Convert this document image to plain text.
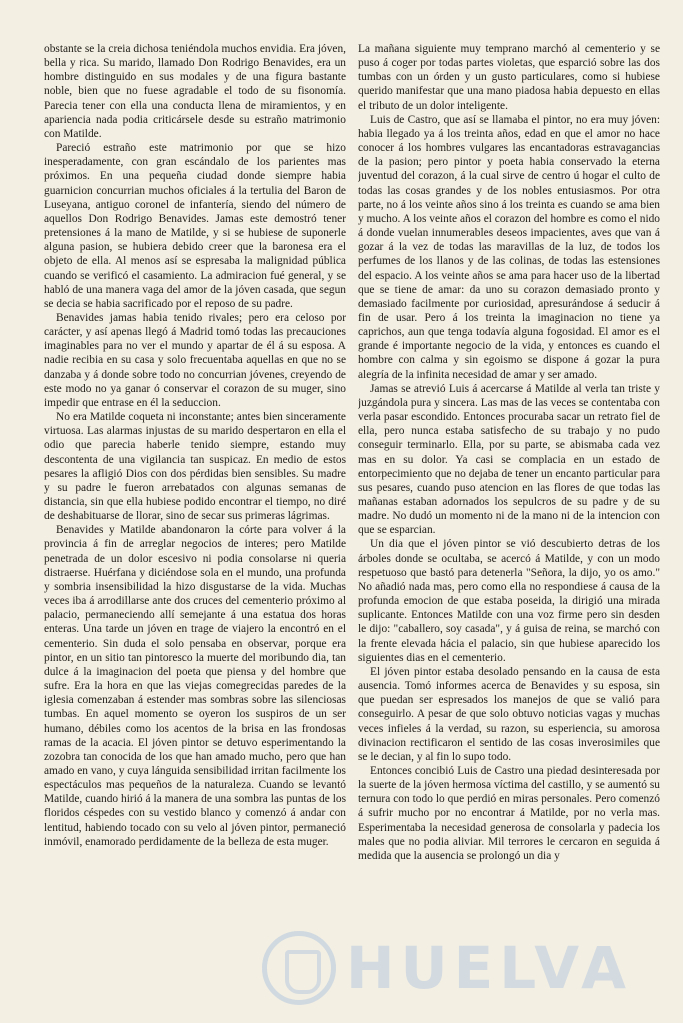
obstante se la creia dichosa teniéndola muchos envidia. Era jóven, bella y rica. Su marido, llamado Don Rodrigo Benavides, era un hombre distinguido en sus modales y de una figura bastante noble, bien que no fuese agradable el todo de su fisonomía. Parecia tener con ella una conducta llena de miramientos, y en apariencia nada podia criticársele desde su estraño matrimonio con Matilde.

Pareció estraño este matrimonio por que se hizo inesperadamente, con gran escándalo de los parientes mas próximos. En una pequeña ciudad donde siempre habia guarnicion concurrian muchos oficiales á la tertulia del Baron de Luseyana, antiguo coronel de infantería, siendo del número de aquellos Don Rodrigo Benavides. Jamas este demostró tener pretensiones á la mano de Matilde, y si se hubiese de suponerle alguna pasion, se hubiera debido creer que la baronesa era el objeto de ella. Al menos así se espresaba la malignidad pública cuando se verificó el casamiento. La admiracion fué general, y se habló de una manera vaga del amor de la jóven casada, que segun se decia se habia sacrificado por el reposo de su padre.

Benavides jamas habia tenido rivales; pero era celoso por carácter, y así apenas llegó á Madrid tomó todas las precauciones imaginables para no ver el mundo y apartar de él á su esposa. A nadie recibia en su casa y solo frecuentaba aquellas en que no se danzaba y á donde sobre todo no concurrian jóvenes, creyendo de este modo no ya ganar ó conservar el corazon de su muger, sino impedir que entrase en él la seduccion.

No era Matilde coqueta ni inconstante; antes bien sinceramente virtuosa. Las alarmas injustas de su marido despertaron en ella el odio que parecia haberle tenido siempre, estando muy descontenta de una vigilancia tan suspicaz. En medio de estos pesares la afligió Dios con dos pérdidas bien sensibles. Su madre y su padre le fueron arrebatados con algunas semanas de distancia, sin que ella hubiese podido encontrar el tiempo, no diré de deshabituarse de llorar, sino de secar sus primeras lágrimas.

Benavides y Matilde abandonaron la córte para volver á la provincia á fin de arreglar negocios de interes; pero Matilde penetrada de un dolor escesivo ni podia consolarse ni queria distraerse. Huérfana y diciéndose sola en el mundo, una profunda y sombria insensibilidad la hizo disgustarse de la vida. Muchas veces iba á arrodillarse ante dos cruces del cementerio próximo al palacio, permaneciendo allí semejante á una estatua dos horas enteras. Una tarde un jóven en trage de viajero la encontró en el cementerio. Sin duda el solo pensaba en observar, porque era pintor, en un sitio tan pintoresco la muerte del moribundo dia, tan dulce á la imaginacion del poeta que piensa y del hombre que sufre. Era la hora en que las viejas comegrecidas paredes de la iglesia comenzaban á estender mas sombras sobre las silenciosas tumbas. En aquel momento se oyeron los suspiros de un ser humano, débiles como los acentos de la brisa en las frondosas ramas de la acacia. El jóven pintor se detuvo esperimentando la zozobra tan conocida de los que han amado mucho, pero que han amado en vano, y cuya lánguida sensibilidad irritan facilmente los espectáculos mas pequeños de la naturaleza. Cuando se levantó Matilde, cuando hirió á la manera de una sombra las puntas de los floridos céspedes con su vestido blanco y comenzó á andar con lentitud, habiendo tocado con su velo al jóven pintor, permaneció inmóvil, enamorado perdidamente de la belleza de esta muger.

La mañana siguiente muy temprano marchó al cementerio y se puso á coger por todas partes violetas, que esparció sobre las dos tumbas con un órden y un gusto particulares, como si hubiese querido manifestar que una mano piadosa habia depuesto en ellas el tributo de un dolor inteligente.

Luis de Castro, que así se llamaba el pintor, no era muy jóven: habia llegado ya á los treinta años, edad en que el amor no hace conocer á los hombres vulgares las encantadoras estravagancias de la pasion; pero pintor y poeta habia conservado la eterna juventud del corazon, á la cual sirve de centro ú hogar el culto de todas las cosas grandes y de los nobles entusiasmos. Por otra parte, no á los veinte años sino á los treinta es cuando se ama bien y mucho. A los veinte años el corazon del hombre es como el nido á donde vuelan innumerables deseos impacientes, aves que van á gozar á la vez de todas las maravillas de la luz, de todos los perfumes de los llanos y de las colinas, de todas las estensiones del espacio. A los veinte años se ama para hacer uso de la libertad que se tiene de amar: da uno su corazon demasiado pronto y demasiado facilmente por curiosidad, apresurándose á seducir á fin de usar. Pero á los treinta la imaginacion no tiene ya caprichos, aun que tenga todavía alguna fogosidad. El amor es el grande é importante negocio de la vida, y entonces es cuando el hombre con calma y sin egoismo se dispone á gozar la pura alegría de la infinita necesidad de amar y ser amado.

Jamas se atrevió Luis á acercarse á Matilde al verla tan triste y juzgándola pura y sincera. Las mas de las veces se contentaba con verla pasar escondido. Entonces procuraba sacar un retrato fiel de ella, pero nunca estaba satisfecho de su trabajo y no pudo conseguir terminarlo. Ella, por su parte, se abismaba cada vez mas en su dolor. Ya casi se complacia en un estado de entorpecimiento que no dejaba de tener un encanto particular para sus pesares, cuando puso atencion en las flores de que todas las mañanas estaban adornados los sepulcros de su padre y de su madre. No dudó un momento ni de la mano ni de la intencion con que se esparcian.

Un dia que el jóven pintor se vió descubierto detras de los árboles donde se ocultaba, se acercó á Matilde, y con un modo respetuoso que bastó para detenerla "Señora, la dijo, yo os amo." No añadió nada mas, pero como ella no respondiese á causa de la profunda emocion de que estaba poseida, la dirigió una mirada suplicante. Entonces Matilde con una voz firme pero sin desden le dijo: "caballero, soy casada", y á guisa de reina, se marchó con la frente elevada hácia el palacio, sin que hubiese aparecido los siguientes dias en el cementerio.

El jóven pintor estaba desolado pensando en la causa de esta ausencia. Tomó informes acerca de Benavides y su esposa, sin que puedan ser espresados los manejos de que se valió para conseguirlo. A pesar de que solo obtuvo noticias vagas y muchas veces infieles á la verdad, su razon, su esperiencia, su amorosa divinacion rectificaron el sentido de las cosas inverosimiles que se le decian, y al fin lo supo todo.

Entonces concibió Luis de Castro una piedad desinteresada por la suerte de la jóven hermosa víctima del castillo, y se aumentó su ternura con todo lo que perdió en miras personales. Pero comenzó á sufrir mucho por no encontrar á Matilde, por no verla mas. Esperimentaba la necesidad generosa de consolarla y padecia los males que no podia aliviar. Mil terrores le cercaron en seguida á medida que la ausencia se prolongó un dia y

HUELVA
